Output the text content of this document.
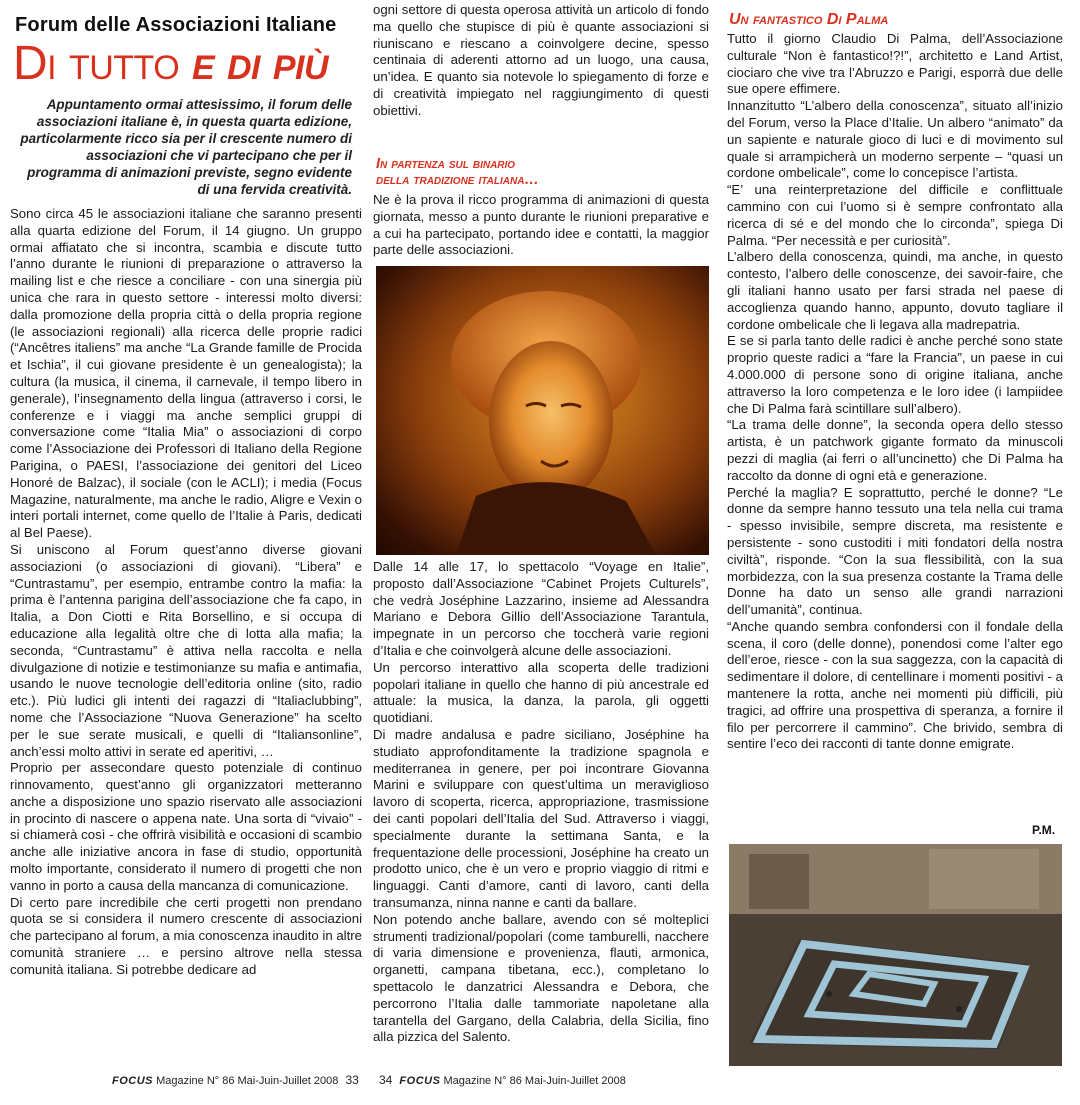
Forum delle Associazioni Italiane
Di tutto e di più
Appuntamento ormai attesissimo, il forum delle associazioni italiane è, in questa quarta edizione, particolarmente ricco sia per il crescente numero di associazioni che vi partecipano che per il programma di animazioni previste, segno evidente di una fervida creatività.

Sono circa 45 le associazioni italiane che saranno presenti alla quarta edizione del Forum, il 14 giugno. Un gruppo ormai affiatato che si incontra, scambia e discute tutto l’anno durante le riunioni di preparazione o attraverso la mailing list e che riesce a conciliare - con una sinergia più unica che rara in questo settore - interessi molto diversi: dalla promozione della propria città o della propria regione (le associazioni regionali) alla ricerca delle proprie radici (“Ancêtres italiens” ma anche “La Grande famille de Procida et Ischia”, il cui giovane presidente è un genealogista); la cultura (la musica, il cinema, il carnevale, il tempo libero in generale), l’insegnamento della lingua (attraverso i corsi, le conferenze e i viaggi ma anche semplici gruppi di conversazione come “Italia Mia” o associazioni di corpo come l’Associazione dei Professori di Italiano della Regione Parigina, o PAESI, l’associazione dei genitori del Liceo Honoré de Balzac), il sociale (con le ACLI); i media (Focus Magazine, naturalmente, ma anche le radio, Aligre e Vexin o interi portali internet, come quello de l’Italie à Paris, dedicati al Bel Paese).

Si uniscono al Forum quest’anno diverse giovani associazioni (o associazioni di giovani). “Libera” e “Cuntrastamu”, per esempio, entrambe contro la mafia: la prima è l’antenna parigina dell’associazione che fa capo, in Italia, a Don Ciotti e Rita Borsellino, e si occupa di educazione alla legalità oltre che di lotta alla mafia; la seconda, “Cuntrastamu” è attiva nella raccolta e nella divulgazione di notizie e testimonianze su mafia e antimafia, usando le nuove tecnologie dell’editoria online (sito, radio etc.). Più ludici gli intenti dei ragazzi di “Italiaclubbing”, nome che l’Associazione “Nuova Generazione” ha scelto per le sue serate musicali, e quelli di “Italiansonline”, anch’essi molto attivi in serate ed aperitivi, …

Proprio per assecondare questo potenziale di continuo rinnovamento, quest’anno gli organizzatori metteranno anche a disposizione uno spazio riservato alle associazioni in procinto di nascere o appena nate. Una sorta di “vivaio” - si chiamerà così - che offrirà visibilità e occasioni di scambio anche alle iniziative ancora in fase di studio, opportunità molto importante, considerato il numero di progetti che non vanno in porto a causa della mancanza di comunicazione.

Di certo pare incredibile che certi progetti non prendano quota se si considera il numero crescente di associazioni che partecipano al forum, a mia conoscenza inaudito in altre comunità straniere … e persino altrove nella stessa comunità italiana. Si potrebbe dedicare ad

ogni settore di questa operosa attività un articolo di fondo ma quello che stupisce di più è quante associazioni si riuniscano e riescano a coinvolgere decine, spesso centinaia di aderenti attorno ad un luogo, una causa, un’idea. E quanto sia notevole lo spiegamento di forze e di creatività impiegato nel raggiungimento di questi obiettivi.

In partenza sul binario
della tradizione italiana…

Ne è la prova il ricco programma di animazioni di questa giornata, messo a punto durante le riunioni preparative e a cui ha partecipato, portando idee e contatti, la maggior parte delle associazioni.

Dalle 14 alle 17, lo spettacolo “Voyage en Italie”, proposto dall’Associazione “Cabinet Projets Culturels”, che vedrà Joséphine Lazzarino, insieme ad Alessandra Mariano e Debora Gillio dell’Associazione Tarantula, impegnate in un percorso che toccherà varie regioni d’Italia e che coinvolgerà alcune delle associazioni.

Un percorso interattivo alla scoperta delle tradizioni popolari italiane in quello che hanno di più ancestrale ed attuale: la musica, la danza, la parola, gli oggetti quotidiani.

Di madre andalusa e padre siciliano, Joséphine ha studiato approfonditamente la tradizione spagnola e mediterranea in genere, per poi incontrare Giovanna Marini e sviluppare con quest’ultima un meraviglioso lavoro di scoperta, ricerca, appropriazione, trasmissione dei canti popolari dell’Italia del Sud. Attraverso i viaggi, specialmente durante la settimana Santa, e la frequentazione delle processioni, Joséphine ha creato un prodotto unico, che è un vero e proprio viaggio di ritmi e linguaggi. Canti d’amore, canti di lavoro, canti della transumanza, ninna nanne e canti da ballare.

Non potendo anche ballare, avendo con sé molteplici strumenti tradizional/popolari (come tamburelli, nacchere di varia dimensione e provenienza, flauti, armonica, organetti, campana tibetana, ecc.), completano lo spettacolo le danzatrici Alessandra e Debora, che percorrono l’Italia dalle tammoriate napoletane alla tarantella del Gargano, della Calabria, della Sicilia, fino alla pizzica del Salento.

Un fantastico Di Palma

Tutto il giorno Claudio Di Palma, dell’Associazione culturale “Non è fantastico!?!”, architetto e Land Artist, ciociaro che vive tra l’Abruzzo e Parigi, esporrà due delle sue opere effimere.

Innanzitutto “L’albero della conoscenza”, situato all’inizio del Forum, verso la Place d’Italie. Un albero “animato” da un sapiente e naturale gioco di luci e di movimento sul quale si arrampicherà un moderno serpente – “quasi un cordone ombelicale”, come lo concepisce l’artista.

“E’ una reinterpretazione del difficile e conflittuale cammino con cui l’uomo si è sempre confrontato alla ricerca di sé e del mondo che lo circonda”, spiega Di Palma. “Per necessità e per curiosità”.

L’albero della conoscenza, quindi, ma anche, in questo contesto, l’albero delle conoscenze, dei savoir-faire, che gli italiani hanno usato per farsi strada nel paese di accoglienza quando hanno, appunto, dovuto tagliare il cordone ombelicale che li legava alla madrepatria.

E se si parla tanto delle radici è anche perché sono state proprio queste radici a “fare la Francia”, un paese in cui 4.000.000 di persone sono di origine italiana, anche attraverso la loro competenza e le loro idee (i lampiidee che Di Palma farà scintillare sull’albero).

“La trama delle donne”, la seconda opera dello stesso artista, è un patchwork gigante formato da minuscoli pezzi di maglia (ai ferri o all’uncinetto) che Di Palma ha raccolto da donne di ogni età e generazione.

Perché la maglia? E soprattutto, perché le donne? “Le donne da sempre hanno tessuto una tela nella cui trama - spesso invisibile, sempre discreta, ma resistente e persistente - sono custoditi i miti fondatori della nostra civiltà”, risponde. “Con la sua flessibilità, con la sua morbidezza, con la sua presenza costante la Trama delle Donne ha dato un senso alle grandi narrazioni dell’umanità”, continua.

“Anche quando sembra confondersi con il fondale della scena, il coro (delle donne), ponendosi come l’alter ego dell’eroe, riesce - con la sua saggezza, con la capacità di sedimentare il dolore, di centellinare i momenti positivi - a mantenere la rotta, anche nei momenti più difficili, più tragici, ad offrire una prospettiva di speranza, a fornire il filo per percorrere il cammino”. Che brivido, sembra di sentire l’eco dei racconti di tante donne emigrate.

P.M.
FOCUS Magazine N° 86 Mai-Juin-Juillet 2008 33 34 FOCUS Magazine N° 86 Mai-Juin-Juillet 2008
